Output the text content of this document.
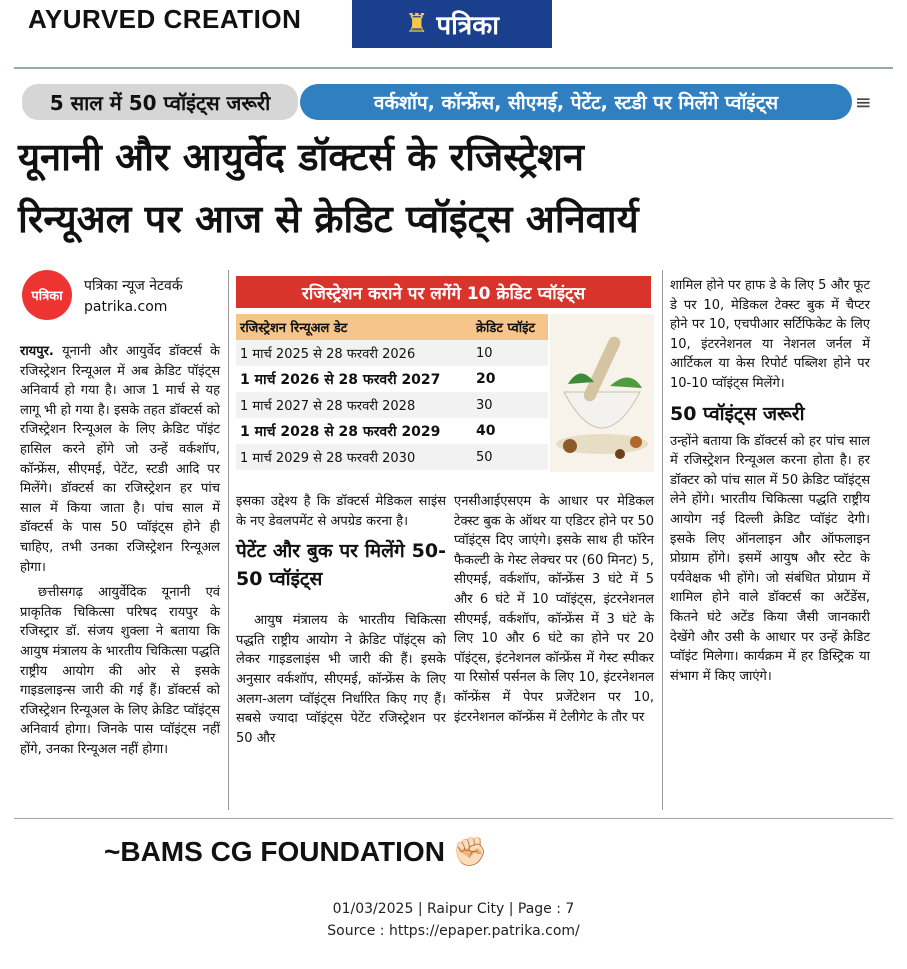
AYURVED CREATION	♜ पत्रिका
5 साल में 50 प्वॉइंट्स जरूरी	वर्कशॉप, कॉन्फ्रेंस, सीएमई, पेटेंट, स्टडी पर मिलेंगे प्वॉइंट्स	≡
यूनानी और आयुर्वेद डॉक्टर्स के रजिस्ट्रेशन
रिन्यूअल पर आज से क्रेडिट प्वॉइंट्स अनिवार्य
पत्रिका
पत्रिका न्यूज नेटवर्क
patrika.com

रायपुर. यूनानी और आयुर्वेद डॉक्टर्स के रजिस्ट्रेशन रिन्यूअल में अब क्रेडिट पॉइंट्स अनिवार्य हो गया है। आज 1 मार्च से यह लागू भी हो गया है। इसके तहत डॉक्टर्स को रजिस्ट्रेशन रिन्यूअल के लिए क्रेडिट पॉइंट हासिल करने होंगे जो उन्हें वर्कशॉप, कॉन्फ्रेंस, सीएमई, पेटेंट, स्टडी आदि पर मिलेंगे। डॉक्टर्स का रजिस्ट्रेशन हर पांच साल में किया जाता है। पांच साल में डॉक्टर्स के पास 50 प्वॉइंट्स होने ही चाहिए, तभी उनका रजिस्ट्रेशन रिन्यूअल होगा।

छत्तीसगढ़ आयुर्वेदिक यूनानी एवं प्राकृतिक चिकित्सा परिषद रायपुर के रजिस्ट्रार डॉ. संजय शुक्ला ने बताया कि आयुष मंत्रालय के भारतीय चिकित्सा पद्धति राष्ट्रीय आयोग की ओर से इसके गाइडलाइन्स जारी की गई हैं। डॉक्टर्स को रजिस्ट्रेशन रिन्यूअल के लिए क्रेडिट प्वॉइंट्स अनिवार्य होगा। जिनके पास प्वॉइंट्स नहीं होंगे, उनका रिन्यूअल नहीं होगा।

रजिस्ट्रेशन कराने पर लगेंगे 10 क्रेडिट प्वॉइंट्स
रजिस्ट्रेशन रिन्यूअल डेट	क्रेडिट प्वॉइंट
1 मार्च 2025 से 28 फरवरी 2026	10
1 मार्च 2026 से 28 फरवरी 2027	20
1 मार्च 2027 से 28 फरवरी 2028	30
1 मार्च 2028 से 28 फरवरी 2029	40
1 मार्च 2029 से 28 फरवरी 2030	50

इसका उद्देश्य है कि डॉक्टर्स मेडिकल साइंस के नए डेवलपमेंट से अपग्रेड करना है।

पेटेंट और बुक पर मिलेंगे 50-50 प्वॉइंट्स

आयुष मंत्रालय के भारतीय चिकित्सा पद्धति राष्ट्रीय आयोग ने क्रेडिट पॉइंट्स को लेकर गाइडलाइंस भी जारी की हैं। इसके अनुसार वर्कशॉप, सीएमई, कॉन्फ्रेंस के लिए अलग-अलग प्वॉइंट्स निर्धारित किए गए हैं। सबसे ज्यादा प्वॉइंट्स पेटेंट रजिस्ट्रेशन पर 50 और

एनसीआईएसएम के आधार पर मेडिकल टेक्स्ट बुक के ऑथर या एडिटर होने पर 50 प्वॉइंट्स दिए जाएंगे। इसके साथ ही फॉरेन फैकल्टी के गेस्ट लेक्चर पर (60 मिनट) 5, सीएमई, वर्कशॉप, कॉन्फ्रेंस 3 घंटे में 5 और 6 घंटे में 10 प्वॉइंट्स, इंटरनेशनल सीएमई, वर्कशॉप, कॉन्फ्रेंस में 3 घंटे के लिए 10 और 6 घंटे का होने पर 20 पॉइंट्स, इंटनेशनल कॉन्फ्रेंस में गेस्ट स्पीकर या रिसोर्स पर्सनल के लिए 10, इंटरनेशनल कॉन्फ्रेंस में पेपर प्रजेंटेशन पर 10, इंटरनेशनल कॉन्फ्रेंस में टेलीगेट के तौर पर

शामिल होने पर हाफ डे के लिए 5 और फूट डे पर 10, मेडिकल टेक्स्ट बुक में चैप्टर होने पर 10, एचपीआर सर्टिफिकेट के लिए 10, इंटरनेशनल या नेशनल जर्नल में आर्टिकल या केस रिपोर्ट पब्लिश होने पर 10-10 प्वॉइंट्स मिलेंगे।

50 प्वॉइंट्स जरूरी

उन्होंने बताया कि डॉक्टर्स को हर पांच साल में रजिस्ट्रेशन रिन्यूअल करना होता है। हर डॉक्टर को पांच साल में 50 क्रेडिट प्वॉइंट्स लेने होंगे। भारतीय चिकित्सा पद्धति राष्ट्रीय आयोग नई दिल्ली क्रेडिट प्वॉइंट देगी। इसके लिए ऑनलाइन और ऑफलाइन प्रोग्राम होंगे। इसमें आयुष और स्टेट के पर्यवेक्षक भी होंगे। जो संबंधित प्रोग्राम में शामिल होने वाले डॉक्टर्स का अटेंडेंस, कितने घंटे अटेंड किया जैसी जानकारी देखेंगे और उसी के आधार पर उन्हें क्रेडिट प्वॉइंट मिलेगा। कार्यक्रम में हर डिस्ट्रिक या संभाग में किए जाएंगे।

~BAMS CG FOUNDATION ✊🏻
01/03/2025 | Raipur City | Page : 7
Source : https://epaper.patrika.com/
